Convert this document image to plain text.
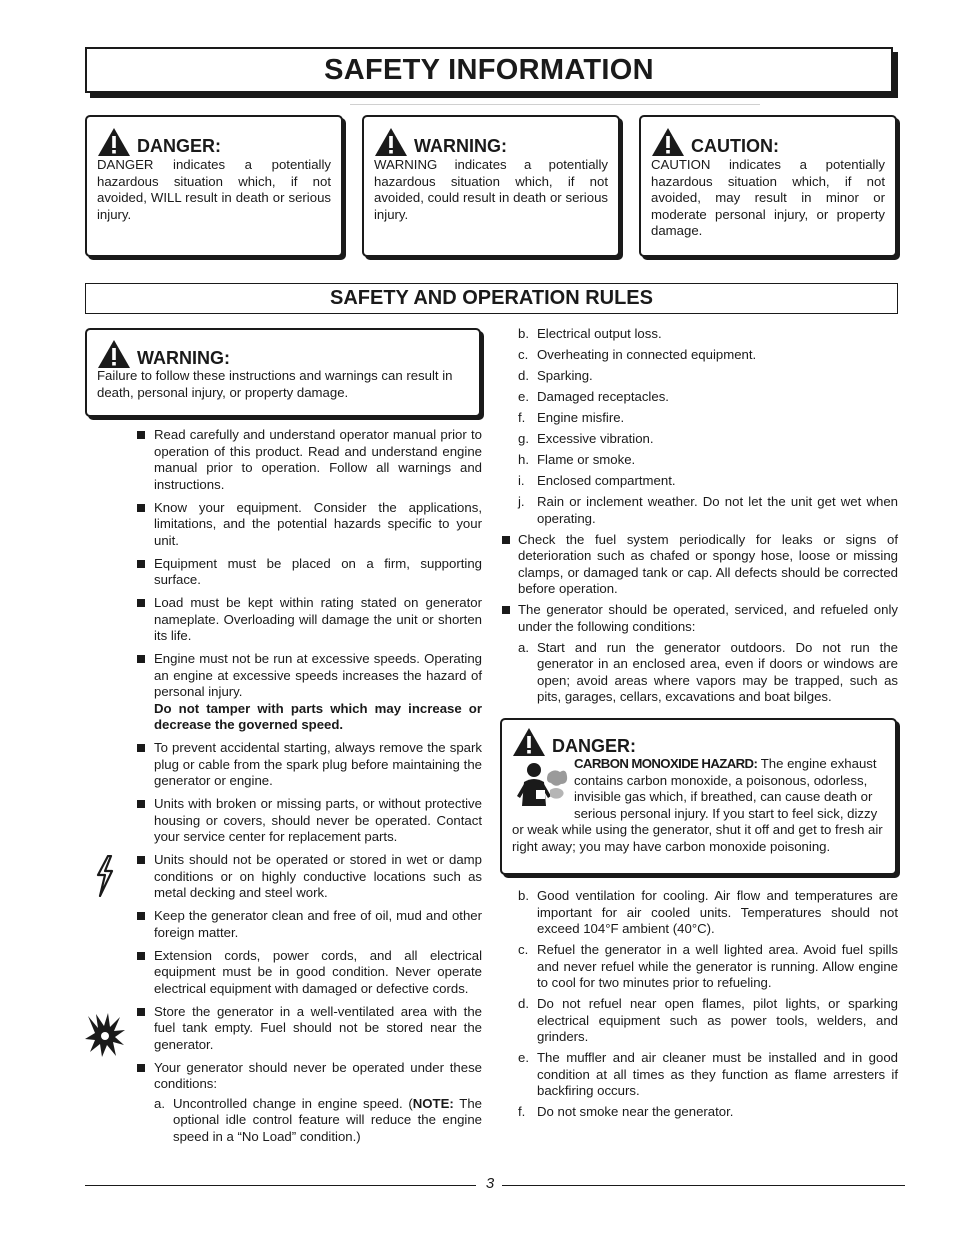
SAFETY INFORMATION
DANGER:
DANGER indicates a potentially hazardous situation which, if not avoided, WILL result in death or serious injury.
WARNING:
WARNING indicates a potentially hazardous situation which, if not avoided, could result in death or serious injury.
CAUTION:
CAUTION indicates a potentially hazardous situation which, if not avoided, may result in minor or moderate personal injury, or property damage.
SAFETY AND OPERATION RULES
WARNING:
Failure to follow these instructions and warnings can result in death, personal injury, or property damage.
Read carefully and understand operator manual prior to operation of this product. Read and understand engine manual prior to operation. Follow all warnings and instructions.
Know your equipment. Consider the applications, limitations, and the potential hazards specific to your unit.
Equipment must be placed on a firm, supporting surface.
Load must be kept within rating stated on generator nameplate. Overloading will damage the unit or shorten its life.
Engine must not be run at excessive speeds. Operating an engine at excessive speeds increases the hazard of personal injury.
Do not tamper with parts which may increase or decrease the governed speed.
To prevent accidental starting, always remove the spark plug or cable from the spark plug before maintaining the generator or engine.
Units with broken or missing parts, or without protective housing or covers, should never be operated. Contact your service center for replacement parts.
Units should not be operated or stored in wet or damp conditions or on highly conductive locations such as metal decking and steel work.
Keep the generator clean and free of oil, mud and other foreign matter.
Extension cords, power cords, and all electrical equipment must be in good condition. Never operate electrical equipment with damaged or defective cords.
Store the generator in a well-ventilated area with the fuel tank empty. Fuel should not be stored near the generator.
Your generator should never be operated under these conditions:
a. Uncontrolled change in engine speed. (NOTE: The optional idle control feature will reduce the engine speed in a “No Load” condition.)
b. Electrical output loss.
c. Overheating in connected equipment.
d. Sparking.
e. Damaged receptacles.
f. Engine misfire.
g. Excessive vibration.
h. Flame or smoke.
i. Enclosed compartment.
j. Rain or inclement weather. Do not let the unit get wet when operating.
Check the fuel system periodically for leaks or signs of deterioration such as chafed or spongy hose, loose or missing clamps, or damaged tank or cap. All defects should be corrected before operation.
The generator should be operated, serviced, and refueled only under the following conditions:
a. Start and run the generator outdoors. Do not run the generator in an enclosed area, even if doors or windows are open; avoid areas where vapors may be trapped, such as pits, garages, cellars, excavations and boat bilges.
DANGER:
CARBON MONOXIDE HAZARD: The engine exhaust contains carbon monoxide, a poisonous, odorless, invisible gas which, if breathed, can cause death or serious personal injury. If you start to feel sick, dizzy or weak while using the generator, shut it off and get to fresh air right away; you may have carbon monoxide poisoning.
b. Good ventilation for cooling. Air flow and temperatures are important for air cooled units. Temperatures should not exceed 104°F ambient (40°C).
c. Refuel the generator in a well lighted area. Avoid fuel spills and never refuel while the generator is running. Allow engine to cool for two minutes prior to refueling.
d. Do not refuel near open flames, pilot lights, or sparking electrical equipment such as power tools, welders, and grinders.
e. The muffler and air cleaner must be installed and in good condition at all times as they function as flame arresters if backfiring occurs.
f. Do not smoke near the generator.
3
